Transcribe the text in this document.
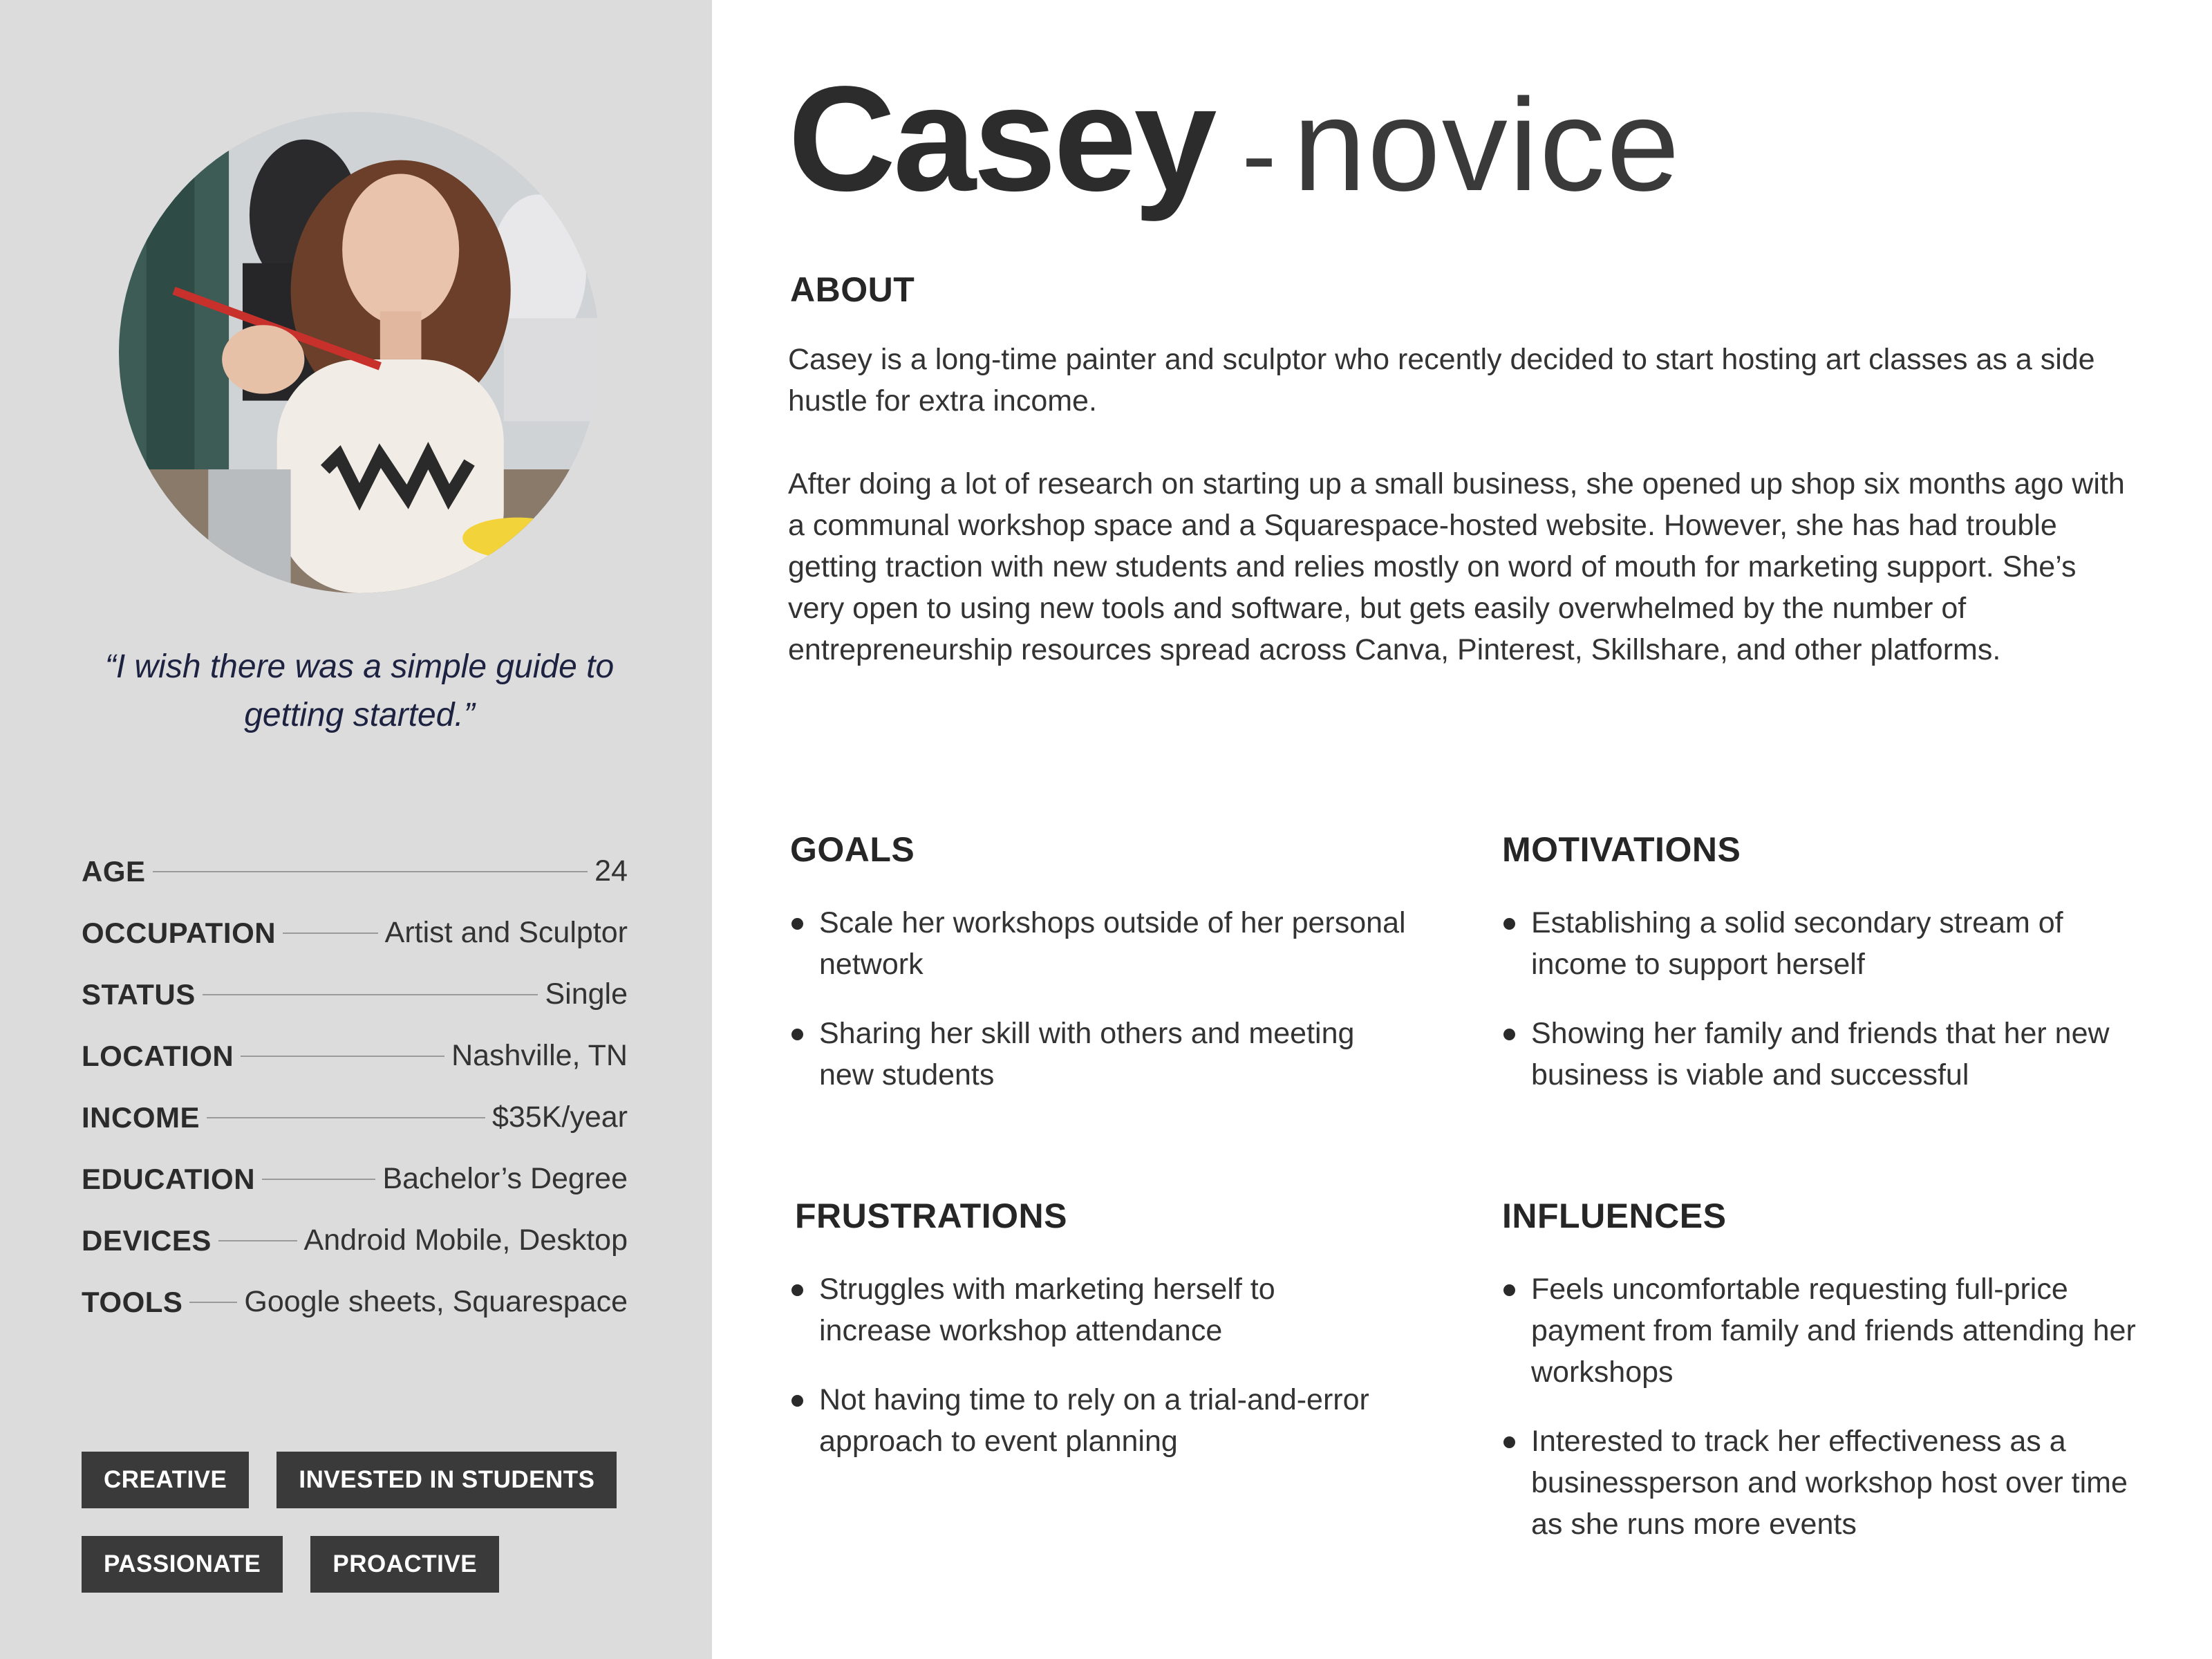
“I wish there was a simple guide to getting started.”
AGE	24
OCCUPATION	Artist and Sculptor
STATUS	Single
LOCATION	Nashville, TN
INCOME	$35K/year
EDUCATION	Bachelor’s Degree
DEVICES	Android Mobile, Desktop
TOOLS Google sheets, Squarespace
CREATIVE	INVESTED IN STUDENTS
PASSIONATE	PROACTIVE
Casey - novice
ABOUT

Casey is a long-time painter and sculptor who recently decided to start hosting art classes as a side hustle for extra income.

After doing a lot of research on starting up a small business, she opened up shop six months ago with a communal workshop space and a Squarespace-hosted website. However, she has had trouble getting traction with new students and relies mostly on word of mouth for marketing support. She’s very open to using new tools and software, but gets easily overwhelmed by the number of entrepreneurship resources spread across Canva, Pinterest, Skillshare, and other platforms.

GOALS
Scale her workshops outside of her personal network
Sharing her skill with others and meeting new students
MOTIVATIONS
Establishing a solid secondary stream of income to support herself
Showing her family and friends that her new business is viable and successful
FRUSTRATIONS
Struggles with marketing herself to increase workshop attendance
Not having time to rely on a trial-and-error approach to event planning
INFLUENCES
Feels uncomfortable requesting full-price payment from family and friends attending her workshops
Interested to track her effectiveness as a businessperson and workshop host over time as she runs more events
